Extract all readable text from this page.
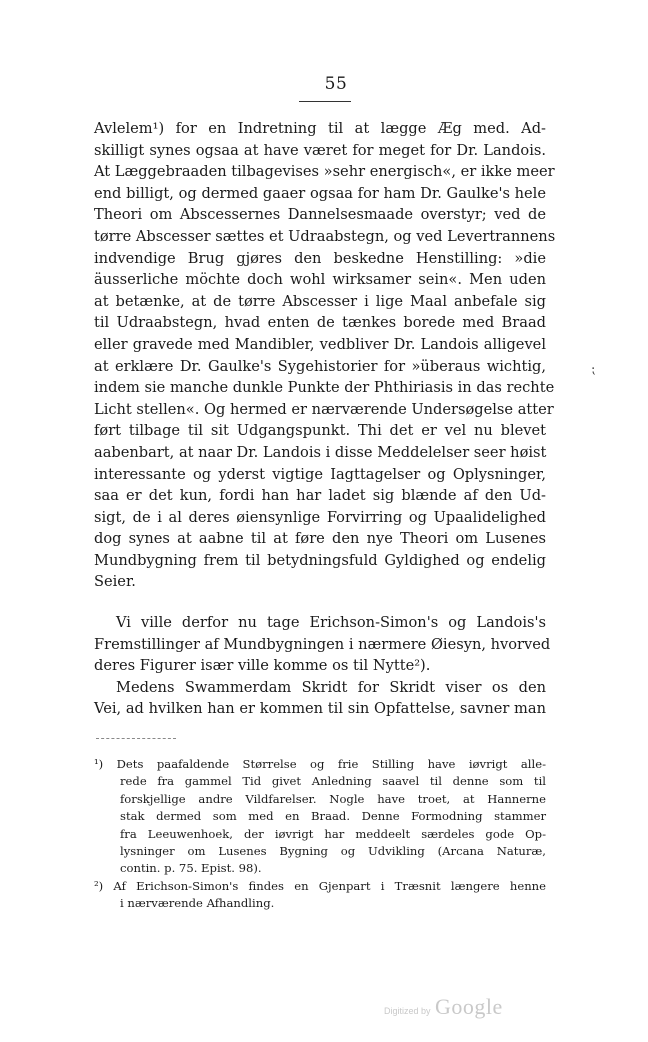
55
Avlelem¹) for en Indretning til at lægge Æg med. Ad-
skilligt synes ogsaa at have været for meget for Dr. Landois.
At Læggebraaden tilbagevises »sehr energisch«, er ikke meer
end billigt, og dermed gaaer ogsaa for ham Dr. Gaulke's hele
Theori om Abscessernes Dannelsesmaade overstyr; ved de
tørre Abscesser sættes et Udraabstegn, og ved Levertrannens
indvendige Brug gjøres den beskedne Henstilling: »die
äusserliche möchte doch wohl wirksamer sein«. Men uden
at betænke, at de tørre Abscesser i lige Maal anbefale sig
til Udraabstegn, hvad enten de tænkes borede med Braad
eller gravede med Mandibler, vedbliver Dr. Landois alligevel
at erklære Dr. Gaulke's Sygehistorier for »überaus wichtig,
indem sie manche dunkle Punkte der Phthiriasis in das rechte
Licht stellen«. Og hermed er nærværende Undersøgelse atter
ført tilbage til sit Udgangspunkt. Thi det er vel nu blevet
aabenbart, at naar Dr. Landois i disse Meddelelser seer høist
interessante og yderst vigtige Iagttagelser og Oplysninger,
saa er det kun, fordi han har ladet sig blænde af den Ud-
sigt, de i al deres øiensynlige Forvirring og Upaalidelighed
dog synes at aabne til at føre den nye Theori om Lusenes
Mundbygning frem til betydningsfuld Gyldighed og endelig
Seier.
Vi ville derfor nu tage Erichson-Simon's og Landois's
Fremstillinger af Mundbygningen i nærmere Øiesyn, hvorved
deres Figurer især ville komme os til Nytte²).
Medens Swammerdam Skridt for Skridt viser os den
Vei, ad hvilken han er kommen til sin Opfattelse, savner man
⁏
¹) Dets paafaldende Størrelse og frie Stilling have iøvrigt alle-
rede fra gammel Tid givet Anledning saavel til denne som til
forskjellige andre Vildfarelser. Nogle have troet, at Hannerne
stak dermed som med en Braad. Denne Formodning stammer
fra Leeuwenhoek, der iøvrigt har meddeelt særdeles gode Op-
lysninger om Lusenes Bygning og Udvikling (Arcana Naturæ,
contin. p. 75. Epist. 98).
²) Af Erichson-Simon's findes en Gjenpart i Træsnit længere henne
i nærværende Afhandling.
Digitized by Google
